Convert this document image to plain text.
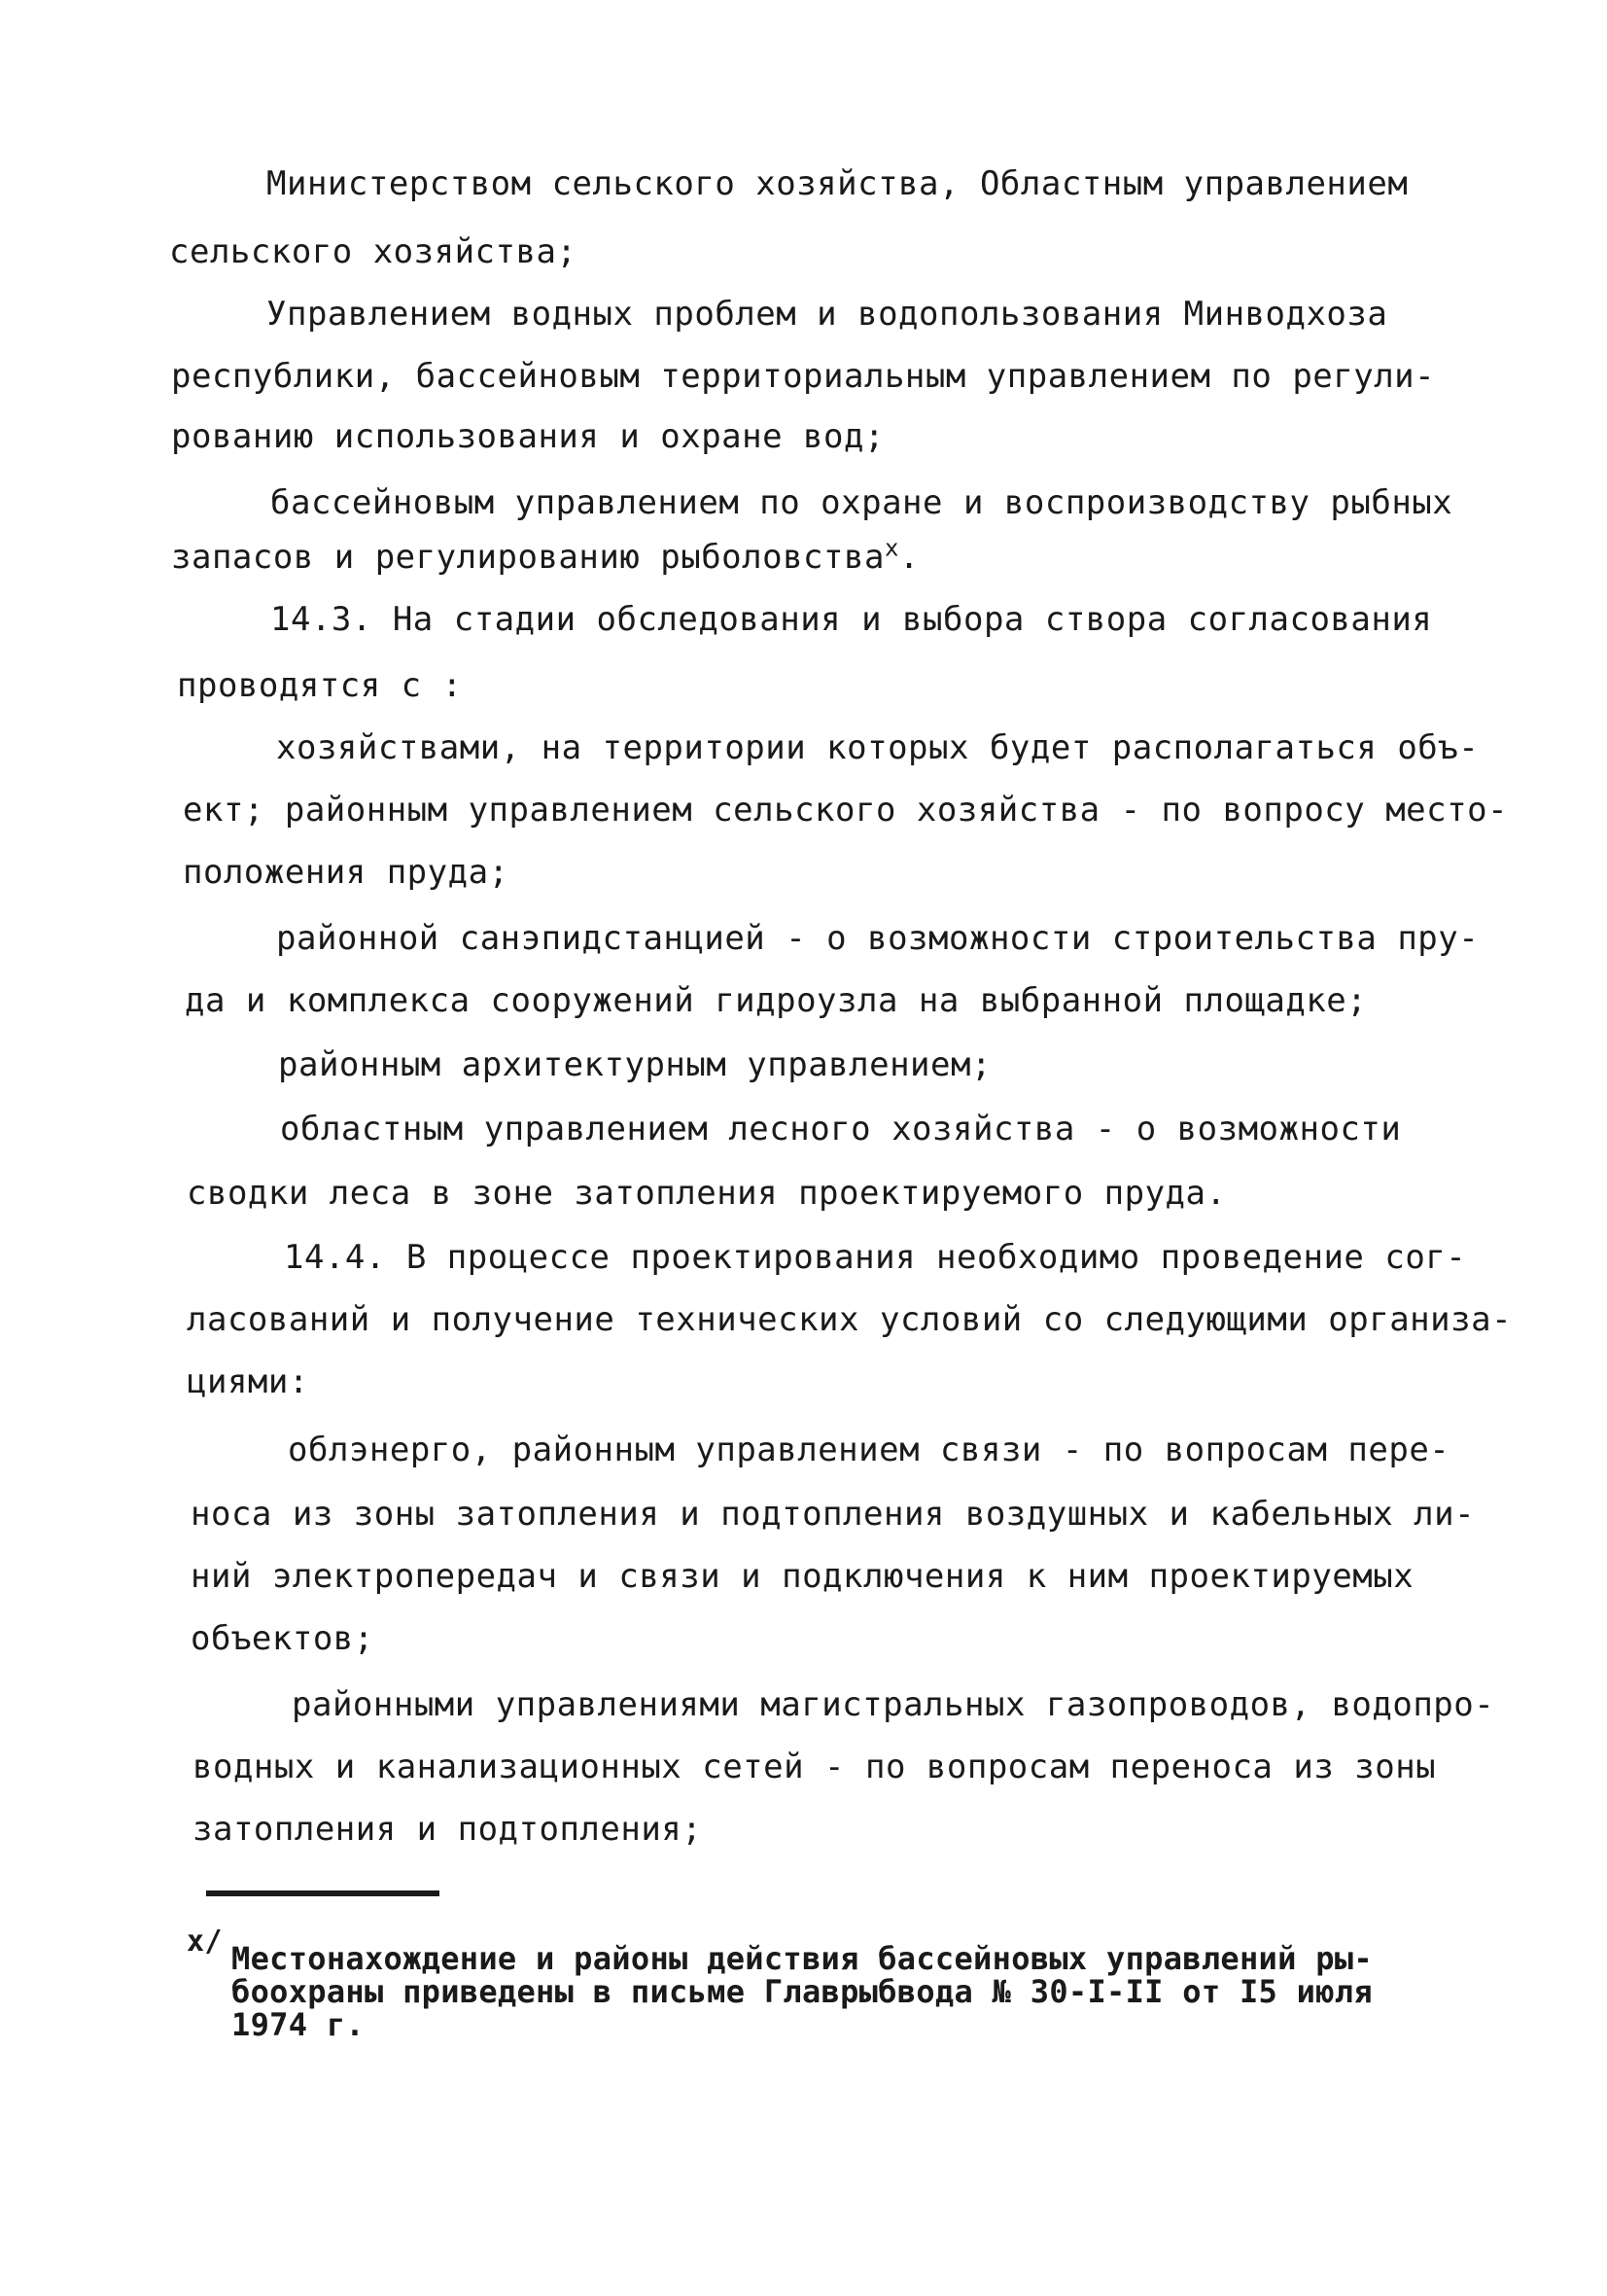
Министерством сельского хозяйства, Областным управлением
сельского хозяйства;
Управлением водных проблем и водопользования Минводхоза
республики, бассейновым территориальным управлением по регули-
рованию использования и охране вод;
бассейновым управлением по охране и воспроизводству рыбных
запасов и регулированию рыболовства$^x$.
14.3. На стадии обследования и выбора створа согласования
проводятся с :
хозяйствами, на территории которых будет располагаться объ-
ект; районным управлением сельского хозяйства - по вопросу место-
положения пруда;
районной санэпидстанцией - о возможности строительства пру-
да и комплекса сооружений гидроузла на выбранной площадке;
районным архитектурным управлением;
областным управлением лесного хозяйства - о возможности
сводки леса в зоне затопления проектируемого пруда.
14.4. В процессе проектирования необходимо проведение сог-
ласований и получение технических условий со следующими организа-
циями:
облэнерго, районным управлением связи - по вопросам пере-
носа из зоны затопления и подтопления воздушных и кабельных ли-
ний электропередач и связи и подключения к ним проектируемых
объектов;
районными управлениями магистральных газопроводов, водопро-
водных и канализационных сетей - по вопросам переноса из зоны
затопления и подтопления;
x/ Местонахождение и районы действия бассейновых управлений ры-
боохраны приведены в письме Главрыбвода № 30-I-II от I5 июля
1974 г.
